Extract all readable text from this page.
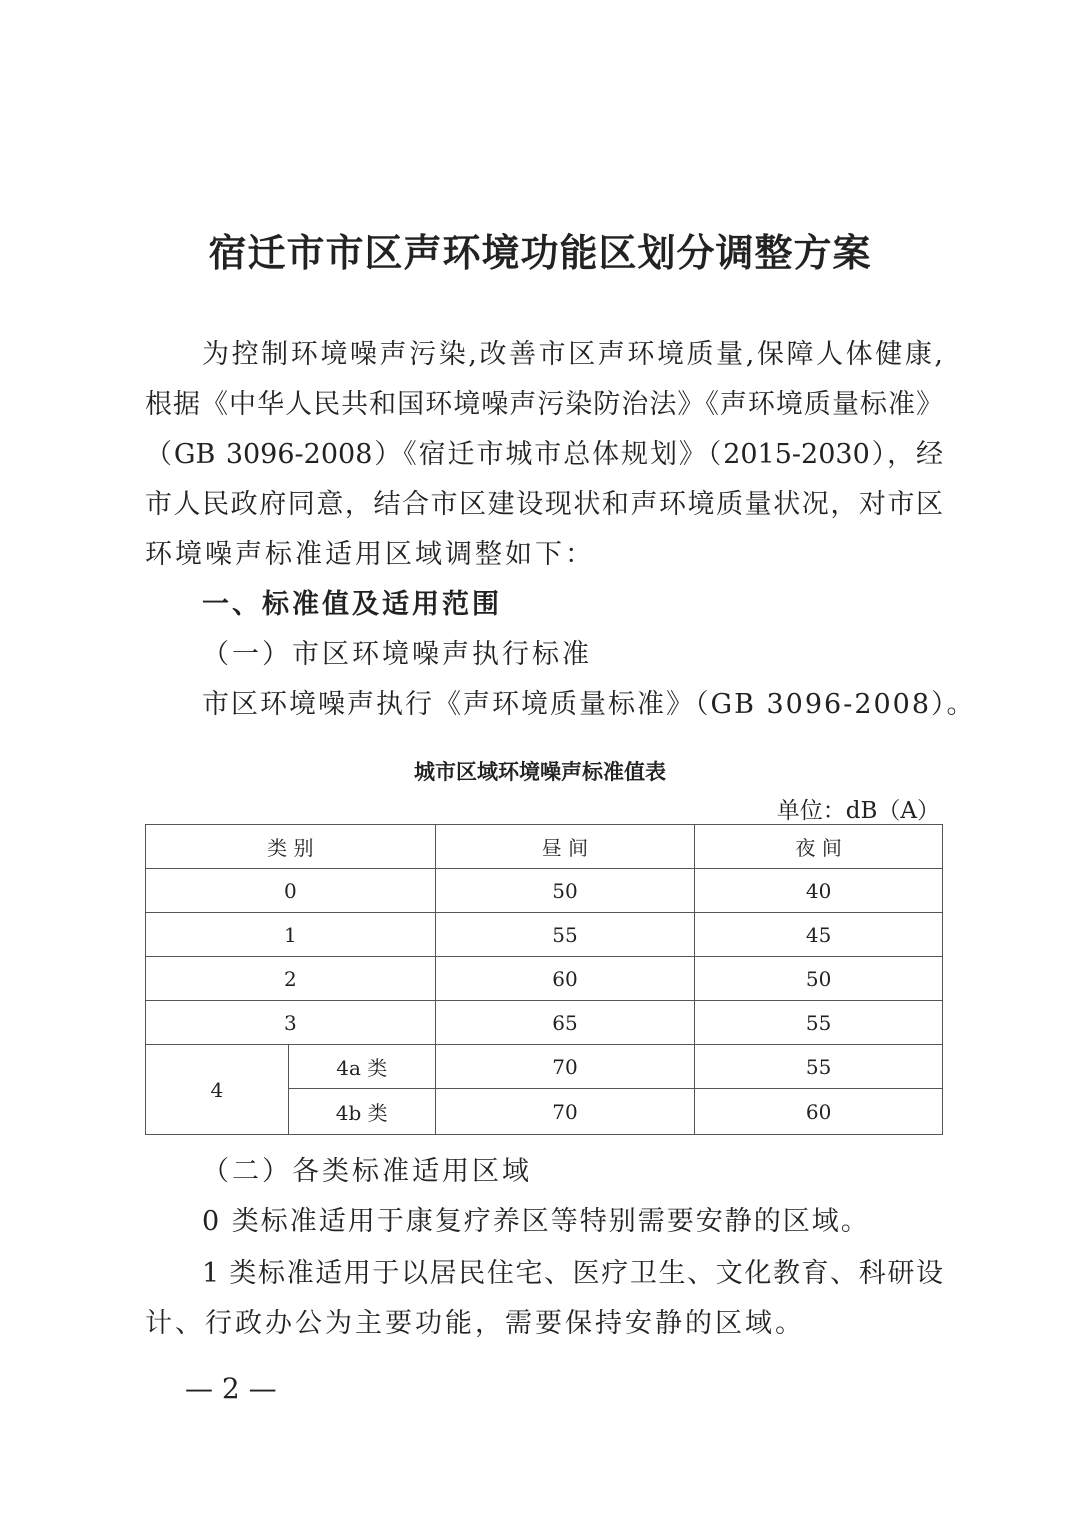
宿迁市市区声环境功能区划分调整方案
为控制环境噪声污染,改善市区声环境质量,保障人体健康,
根据《中华人民共和国环境噪声污染防治法》《声环境质量标准》
（GB 3096-2008）《宿迁市城市总体规划》（2015-2030），经
市人民政府同意，结合市区建设现状和声环境质量状况，对市区
环境噪声标准适用区域调整如下：
一、标准值及适用范围
（一）市区环境噪声执行标准
市区环境噪声执行《声环境质量标准》（GB 3096-2008）。
城市区域环境噪声标准值表
单位：dB（A）
类 别		昼 间	夜 间
0		50	40
1		55	45
2		60	50
3		65	55
4	4a 类	70	55
	4b 类	70	60
（二）各类标准适用区域
0 类标准适用于康复疗养区等特别需要安静的区域。
1 类标准适用于以居民住宅、医疗卫生、文化教育、科研设
计、行政办公为主要功能，需要保持安静的区域。
— 2 —
